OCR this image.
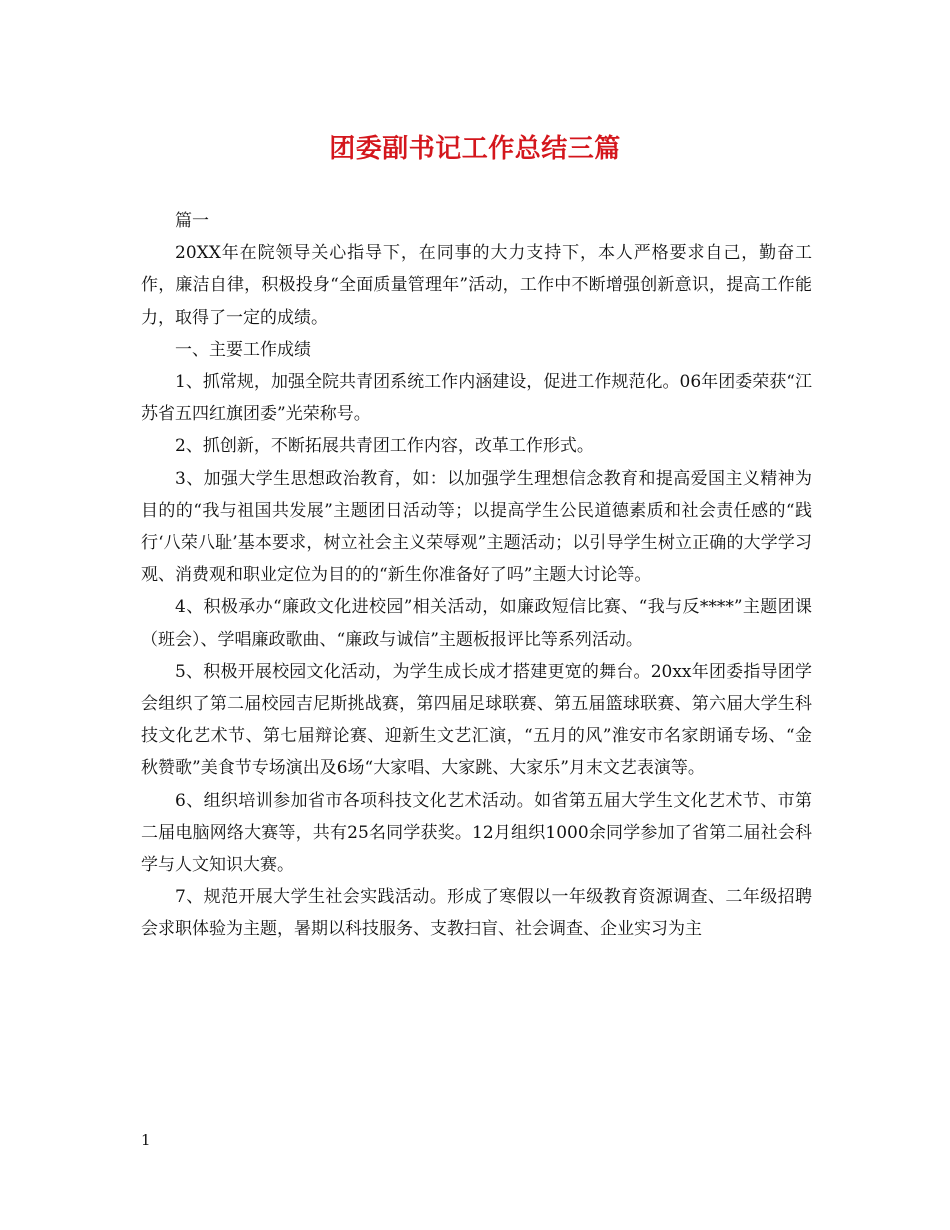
团委副书记工作总结三篇

篇一

20XX年在院领导关心指导下，在同事的大力支持下，本人严格要求自己，勤奋工作，廉洁自律，积极投身“全面质量管理年”活动，工作中不断增强创新意识，提高工作能力，取得了一定的成绩。

一、主要工作成绩

1、抓常规，加强全院共青团系统工作内涵建设，促进工作规范化。06年团委荣获“江苏省五四红旗团委”光荣称号。

2、抓创新，不断拓展共青团工作内容，改革工作形式。

3、加强大学生思想政治教育，如：以加强学生理想信念教育和提高爱国主义精神为目的的“我与祖国共发展”主题团日活动等；以提高学生公民道德素质和社会责任感的“践行‘八荣八耻’基本要求，树立社会主义荣辱观”主题活动；以引导学生树立正确的大学学习观、消费观和职业定位为目的的“新生你准备好了吗”主题大讨论等。

4、积极承办“廉政文化进校园”相关活动，如廉政短信比赛、“我与反****”主题团课（班会）、学唱廉政歌曲、“廉政与诚信”主题板报评比等系列活动。

5、积极开展校园文化活动，为学生成长成才搭建更宽的舞台。20xx年团委指导团学会组织了第二届校园吉尼斯挑战赛，第四届足球联赛、第五届篮球联赛、第六届大学生科技文化艺术节、第七届辩论赛、迎新生文艺汇演，“五月的风”淮安市名家朗诵专场、“金秋赞歌”美食节专场演出及6场“大家唱、大家跳、大家乐”月末文艺表演等。

6、组织培训参加省市各项科技文化艺术活动。如省第五届大学生文化艺术节、市第二届电脑网络大赛等，共有25名同学获奖。12月组织1000余同学参加了省第二届社会科学与人文知识大赛。

7、规范开展大学生社会实践活动。形成了寒假以一年级教育资源调查、二年级招聘会求职体验为主题，暑期以科技服务、支教扫盲、社会调查、企业实习为主

1
